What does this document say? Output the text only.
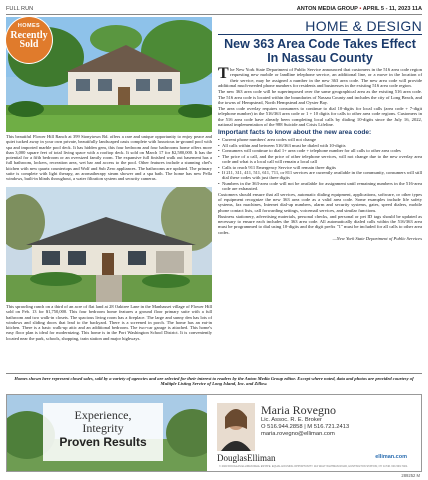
FULL RUN	ANTON MEDIA GROUP • APRIL 5 - 11, 2023 11A
HOMES
Recently
Sold
This beautiful Flower Hill Ranch at 399 Stonytown Rd. offers a rare and unique opportunity to enjoy peace and quiet tucked away in your own private, beautifully landscaped oasis complete with luxurious in-ground pool with spa and imported marble pool deck. It has hidden gem, this four bedroom and four bathrooms home offers more than 3,000 square feet of total living space with a rooftop deck. It sold on March 17 for $2,580,000. It has the potential for a fifth bedroom or an oversized family room. The expansive full finished walk out basement has a full bathroom, lockers, recreation area, wet bar and access to the pool. Other features include a stunning chef's kitchen with new quartz countertops and Wolf and Sub Zero appliances. The bathrooms are updated. The primary suite is complete with light therapy, an aromatherapy steam shower and a spa bath. The home has new Pella windows, built-in blinds throughout, a water filtration system and security cameras.
This sprawling ranch on a third of an acre of flat land at 28 Oaktree Lane in the Manhasset village of Flower Hill sold on Feb. 13 for $1,750,000. This four bedroom home features a ground floor primary suite with a full bathroom and two walk-in closets. The spacious living room has a fireplace. The large and sunny den has lots of windows and sliding doors that lead to the backyard. There is a screened in porch. The home has an eat-in kitchen. There is a basic walk-up attic and an additional bedroom. The two-car garage is attached. This home's easy floor plan is ideal for modernizing. This home is in the Port Washington School District. It is conveniently located near the park, schools, shopping, train station and major highways.
HOME & DESIGN
New 363 Area Code Takes Effect In Nassau County

The New York State Department of Public Service announced that customers in the 516 area code region requesting new mobile or landline telephone service, an additional line, or a move in the location of their service, may be assigned a number in the new 363 area code. The new area code will provide additional much-needed phone numbers for residents and businesses in the existing 516 area code region.

The new 363 area code will be superimposed over the same geographical area as the existing 516 area code. The 516 area code is located within the boundaries of Nassau County and includes the city of Long Beach, and the towns of Hempstead, North Hempstead and Oyster Bay.

The area code overlay requires consumers to continue to dial 10-digits for local calls (area code + 7-digit telephone number) in the 516/363 area code or 1 + 10 digits for calls to other area code regions. Customers in the 516 area code have already been completing local calls by dialing 10-digits since the July 16, 2022, national implementation of the 988 Suicide and Crisis Lifeline.

Important facts to know about the new area code:
• Current phone numbers' area codes will not change
• All calls within and between 516/363 must be dialed with 10-digits
• Consumers will continue to dial 1+ area code + telephone number for all calls to other area codes
• The price of a call, and the price of other telephone services, will not change due to the new overlay area code and what is a local call will remain a local call
• Calls to reach 911 Emergency Service will remain three digits
• If 211, 311, 411, 511, 611, 711, or 811 services are currently available in the community, consumers will still dial these codes with just three digits
• Numbers in the 363-area code will not be available for assignment until remaining numbers in the 516-area code are exhausted.

Customers should ensure that all services, automatic dialing equipment, applications, software, or other types of equipment recognize the new 363 area code as a valid area code. Some examples include life safety systems, fax machines, Internet dial-up numbers, alarm and security systems, gates, speed dialers, mobile phone contact lists, call forwarding settings, voicemail services, and similar functions.

Business stationery, advertising materials, personal checks, and personal or pet ID tags should be updated as necessary to ensure each includes the 363 area code. All automatically dialed calls within the 516/363 area must be programmed to dial using 10-digits and the digit prefix "1" must be included for all calls to other area codes.

—New York State Department of Public Services

Homes shown here represent closed sales, sold by a variety of agencies and are selected for their interest to readers by the Anton Media Group editor. Except where noted, data and photos are provided courtesy of Multiple Listing Service of Long Island, Inc. and Zillow.
Experience,
Integrity
Proven Results
Maria Rovegno
Lic. Assoc. R. E. Broker
O 516.944.2858 | M 516.721.2413
maria.rovegno@elliman.com
DouglasElliman	elliman.com
© 2023 DOUGLAS ELLIMAN REAL ESTATE. EQUAL HOUSING OPPORTUNITY. 110 WALT WHITMAN ROAD, HUNTINGTON STATION, NY 11746. 631.549.7401.
289252 M
